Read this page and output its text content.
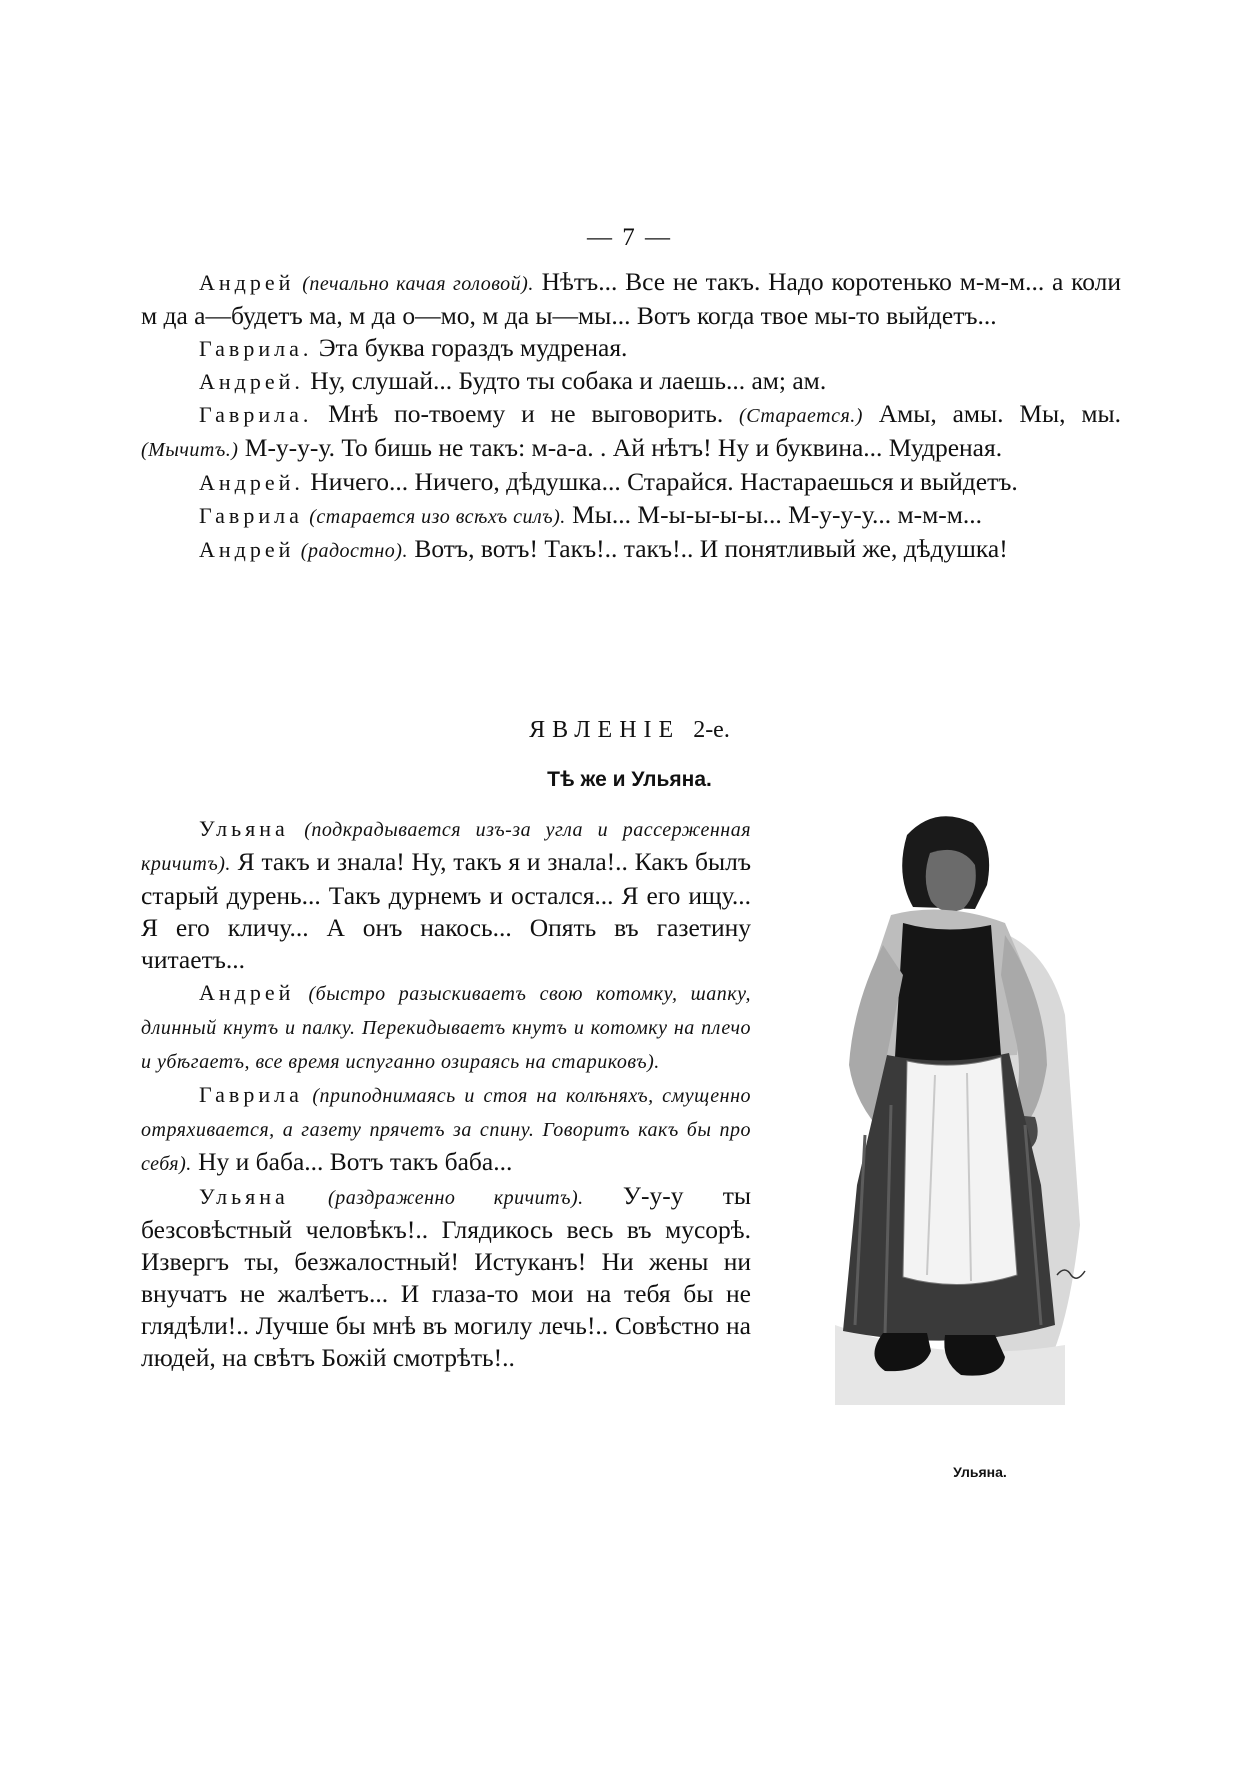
— 7 —

Андрей (печально качая головой). Нѣтъ... Все не такъ. Надо коротенько м-м-м... а коли м да а—будетъ ма, м да о—мо, м да ы—мы... Вотъ когда твое мы-то выйдетъ...

Гаврила. Эта буква гораздъ мудреная.

Андрей. Ну, слушай... Будто ты собака и лаешь... ам; ам.

Гаврила. Мнѣ по-твоему и не выговорить. (Старается.) Амы, амы. Мы, мы. (Мычитъ.) М-у-у-у. То бишь не такъ: м-а-а. . Ай нѣтъ! Ну и буквина... Мудреная.

Андрей. Ничего... Ничего, дѣдушка... Старайся. Настараешься и выйдетъ.

Гаврила (старается изо всѣхъ силъ). Мы... М-ы-ы-ы-ы... М-у-у-у... м-м-м...

Андрей (радостно). Вотъ, вотъ! Такъ!.. такъ!.. И понятливый же, дѣдушка!

ЯВЛЕНІЕ 2-е.
Тѣ же и Ульяна.

Ульяна (подкрадывается изъ-за угла и рассерженная кричитъ). Я такъ и знала! Ну, такъ я и знала!.. Какъ былъ старый дурень... Такъ дурнемъ и остался... Я его ищу... Я его кличу... А онъ накось... Опять въ газетину читаетъ...

Андрей (быстро разыскиваетъ свою котомку, шапку, длинный кнутъ и палку. Перекидываетъ кнутъ и котомку на плечо и убѣгаетъ, все время испуганно озираясь на стариковъ).

Гаврила (приподнимаясь и стоя на колѣняхъ, смущенно отряхивается, а газету прячетъ за спину. Говоритъ какъ бы про себя). Ну и баба... Вотъ такъ баба...

Ульяна (раздраженно кричитъ). У-у-у ты безсовѣстный человѣкъ!.. Глядикось весь въ мусорѣ. Извергъ ты, безжалостный! Истуканъ! Ни жены ни внучатъ не жалѣетъ... И глаза-то мои на тебя бы не глядѣли!.. Лучше бы мнѣ въ могилу лечь!.. Совѣстно на людей, на свѣтъ Божій смотрѣть!..

Ульяна.
